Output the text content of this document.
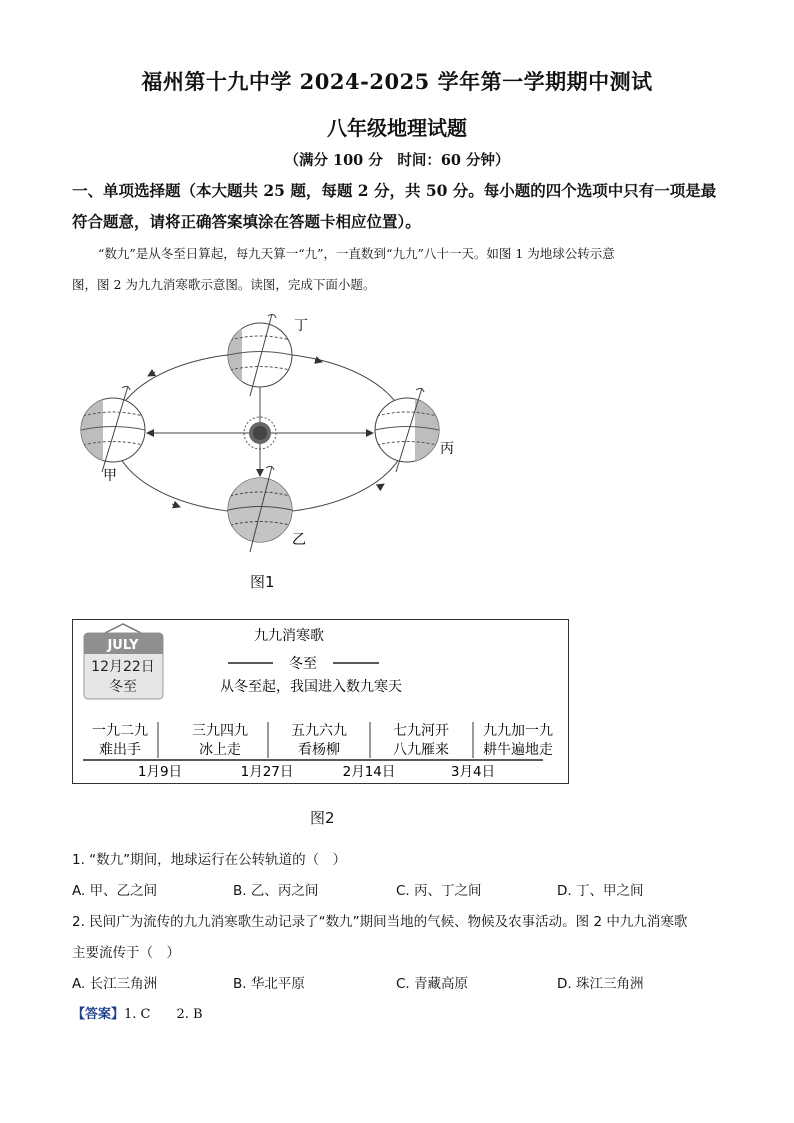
福州第十九中学 2024-2025 学年第一学期期中测试
八年级地理试题
（满分 100 分　时间：60 分钟）
一、单项选择题（本大题共 25 题，每题 2 分，共 50 分。每小题的四个选项中只有一项是最
符合题意，请将正确答案填涂在答题卡相应位置）。
“数九”是从冬至日算起，每九天算一“九”，一直数到“九九”八十一天。如图 1 为地球公转示意
图，图 2 为九九消寒歌示意图。读图，完成下面小题。
丁
甲
丙
乙
图1
JULY
12月22日
冬至
九九消寒歌
冬至
从冬至起，我国进入数九寒天
一九二九
难出手
三九四九
冰上走
五九六九
看杨柳
七九河开
八九雁来
九九加一九
耕牛遍地走
1月9日	1月27日	2月14日	3月4日
图2
1. “数九”期间，地球运行在公转轨道的（　）
A. 甲、乙之间	B. 乙、丙之间	C. 丙、丁之间	D. 丁、甲之间
2. 民间广为流传的九九消寒歌生动记录了“数九”期间当地的气候、物候及农事活动。图 2 中九九消寒歌
主要流传于（　）
A. 长江三角洲	B. 华北平原	C. 青藏高原	D. 珠江三角洲
【答案】1. C　　2. B
